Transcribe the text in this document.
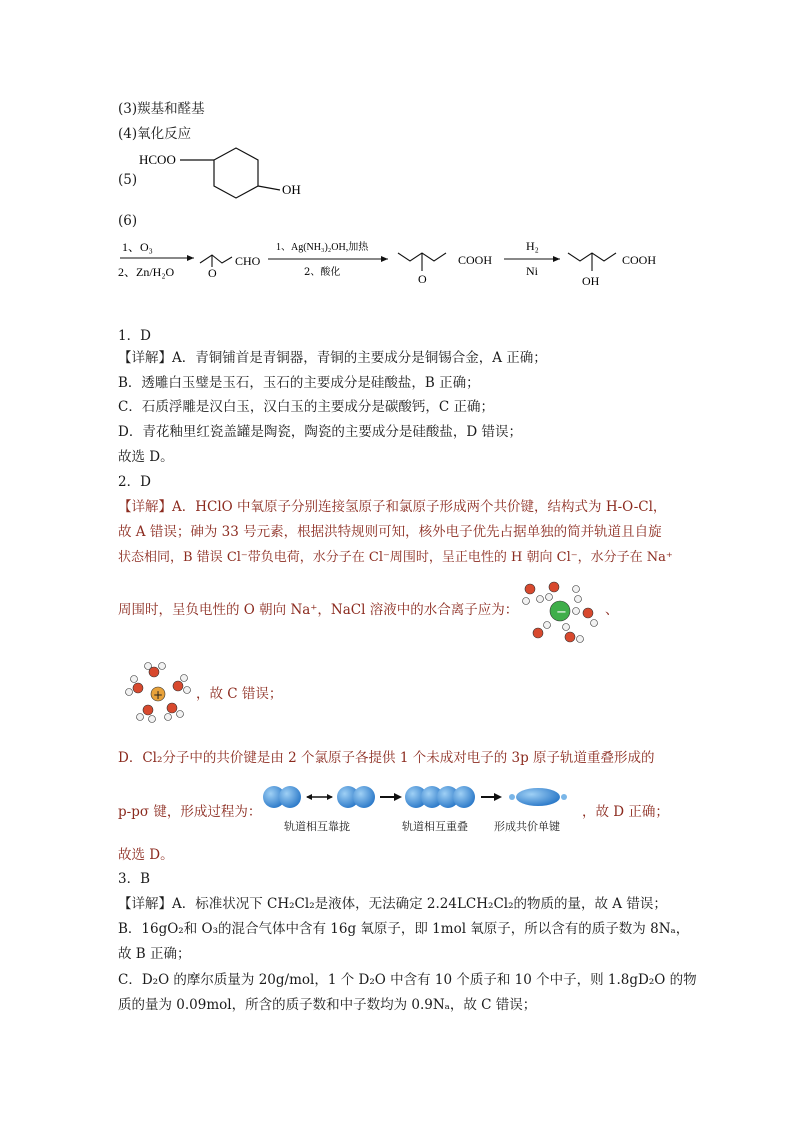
(3)羰基和醛基
(4)氧化反应
(5)
HCOO
OH
(6)
1、O₃
2、Zn/H₂O	O
CHO
1、Ag(NH₃)₂OH,加热
2、酸化	O
COOH
H₂
Ni
OH
COOH
1．D
【详解】A．青铜铺首是青铜器，青铜的主要成分是铜锡合金，A 正确；
B．透雕白玉璧是玉石，玉石的主要成分是硅酸盐，B 正确；
C．石质浮雕是汉白玉，汉白玉的主要成分是碳酸钙，C 正确；
D．青花釉里红瓷盖罐是陶瓷，陶瓷的主要成分是硅酸盐，D 错误；
故选 D。
2．D
【详解】A．HClO 中氧原子分别连接氢原子和氯原子形成两个共价键，结构式为 H-O-Cl，
故 A 错误；砷为 33 号元素，根据洪特规则可知，核外电子优先占据单独的简并轨道且自旋
状态相同，B 错误 Cl⁻带负电荷，水分子在 Cl⁻周围时，呈正电性的 H 朝向 Cl⁻，水分子在 Na⁺
周围时，呈负电性的 O 朝向 Na⁺，NaCl 溶液中的水合离子应为：	−	、
+ ，故 C 错误；
D．Cl₂分子中的共价键是由 2 个氯原子各提供 1 个未成对电子的 3p 原子轨道重叠形成的
p-pσ 键，形成过程为：
轨道相互靠拢	轨道相互重叠 形成共价单键
，故 D 正确；
故选 D。
3．B
【详解】A．标准状况下 CH₂Cl₂是液体，无法确定 2.24LCH₂Cl₂的物质的量，故 A 错误；
B．16gO₂和 O₃的混合气体中含有 16g 氧原子，即 1mol 氧原子，所以含有的质子数为 8Nₐ，
故 B 正确；
C．D₂O 的摩尔质量为 20g/mol，1 个 D₂O 中含有 10 个质子和 10 个中子，则 1.8gD₂O 的物
质的量为 0.09mol，所含的质子数和中子数均为 0.9Nₐ，故 C 错误；
